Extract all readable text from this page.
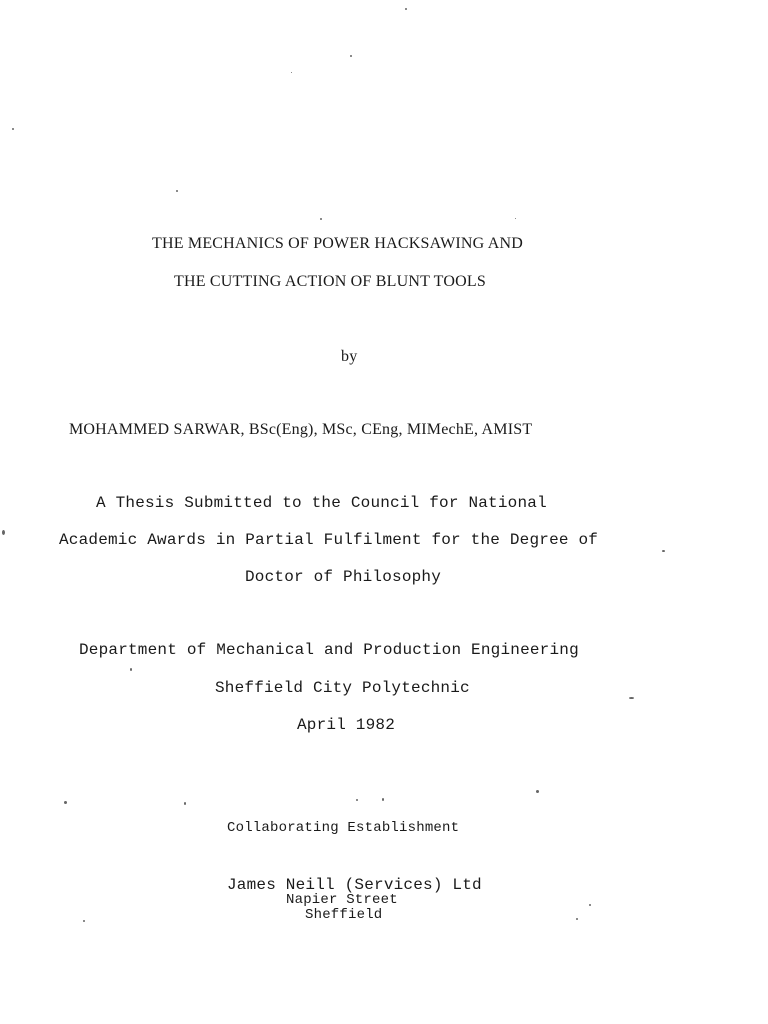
THE MECHANICS OF POWER HACKSAWING AND
THE CUTTING ACTION OF BLUNT TOOLS
by
MOHAMMED SARWAR, BSc(Eng), MSc, CEng, MIMechE, AMIST
A Thesis Submitted to the Council for National
Academic Awards in Partial Fulfilment for the Degree of
Doctor of Philosophy
Department of Mechanical and Production Engineering
Sheffield City Polytechnic
April 1982
Collaborating Establishment
James Neill (Services) Ltd
Napier Street
Sheffield
